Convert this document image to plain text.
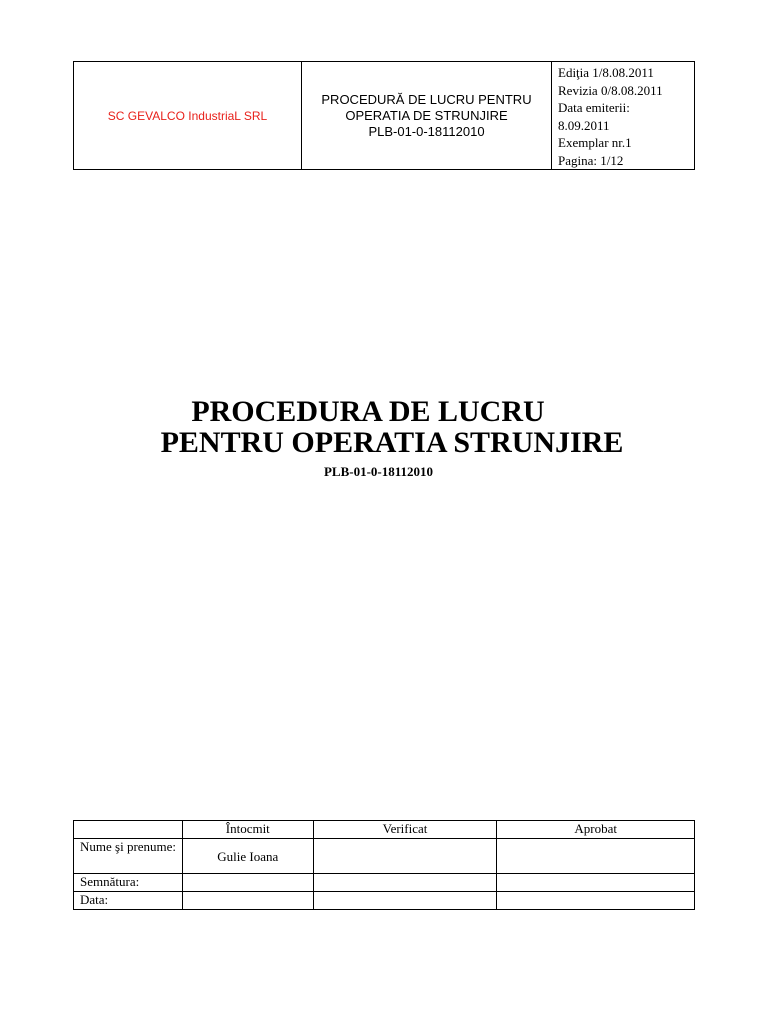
SC GEVALCO IndustriaL SRL	
PROCEDURĂ DE LUCRU PENTRU
OPERATIA DE STRUNJIRE
PLB-01-0-18112010

Ediţia 1/8.08.2011
Revizia 0/8.08.2011
Data emiterii:
8.09.2011
Exemplar nr.1
Pagina: 1/12
PROCEDURA DE LUCRU
PENTRU OPERATIA STRUNJIRE
PLB-01-0-18112010
	Întocmit	Verificat	Aprobat
Nume şi prenume:	Gulie Ioana		
Semnătura:			
Data:			
